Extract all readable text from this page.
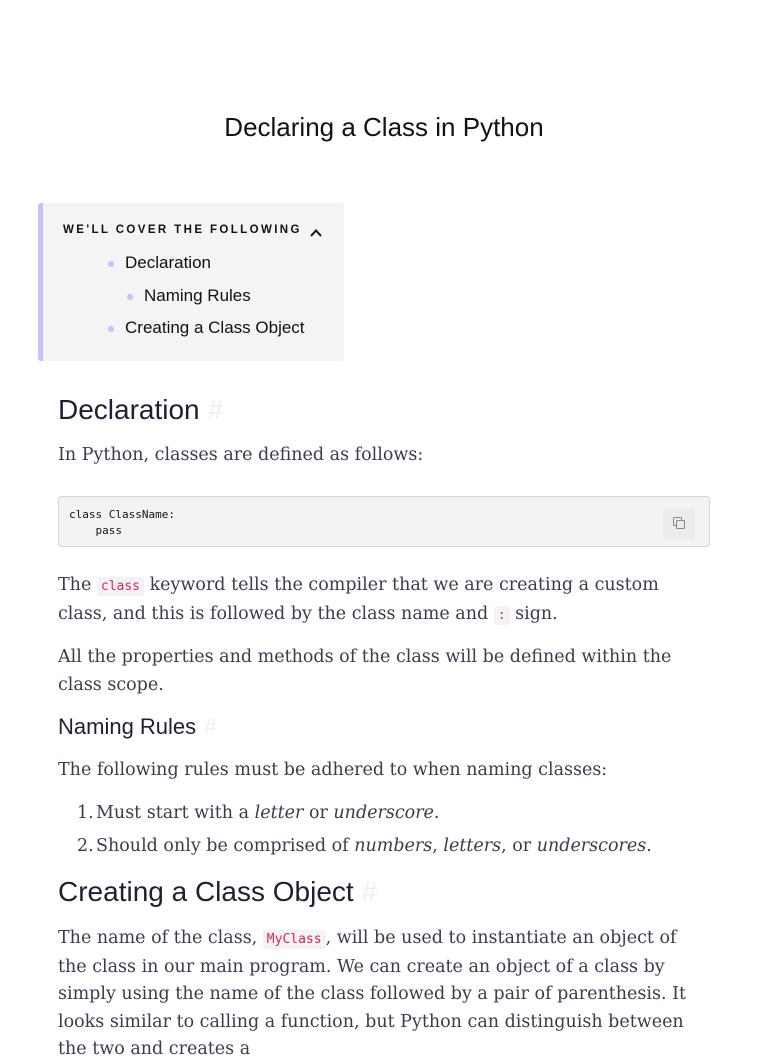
Declaring a Class in Python
WE'LL COVER THE FOLLOWING
Declaration
Naming Rules
Creating a Class Object
Declaration #

In Python, classes are defined as follows:

class ClassName:
pass

The class keyword tells the compiler that we are creating a custom class, and this is followed by the class name and : sign.

All the properties and methods of the class will be defined within the class scope.

Naming Rules #

The following rules must be adhered to when naming classes:

1. Must start with a letter or underscore.
2. Should only be comprised of numbers, letters, or underscores.
Creating a Class Object #

The name of the class, MyClass , will be used to instantiate an object of the class in our main program. We can create an object of a class by simply using the name of the class followed by a pair of parenthesis. It looks similar to calling a function, but Python can distinguish between the two and creates a
